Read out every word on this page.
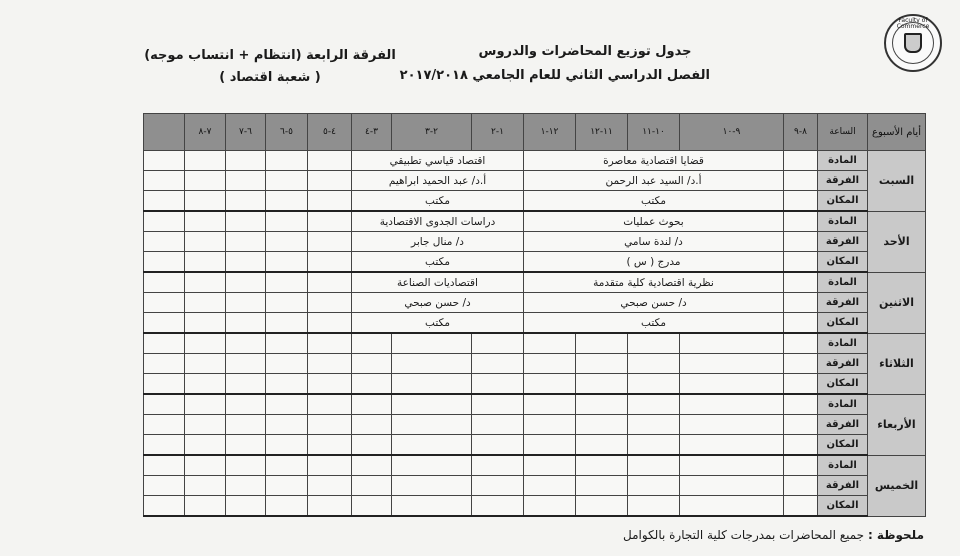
Faculty of Commerce
جدول توزيع المحاضرات والدروس
الفصل الدراسي الثاني للعام الجامعي ٢٠١٧/٢٠١٨
الفرقة الرابعة (انتظام + انتساب موجه)
( شعبة اقتصاد )
أيام الأسبوع	الساعة	٨-٩	٩-١٠	١٠-١١	١١-١٢	١٢-١	١-٢	٢-٣	٣-٤	٤-٥	٥-٦	٦-٧	٧-٨	
السبت	المادة		قضايا اقتصادية معاصرة				اقتصاد قياسي تطبيقي							
	الفرقة		أ.د/ السيد عبد الرحمن				أ.د/ عبد الحميد ابراهيم							
	المكان		مكتب				مكتب							
الأحد	المادة		بحوث عمليات				دراسات الجدوى الاقتصادية							
	الفرقة		د/ لندة سامي				د/ منال جابر							
	المكان		مدرج ( س )				مكتب							
الاثنين	المادة		نظرية اقتصادية كلية متقدمة				اقتصاديات الصناعة							
	الفرقة		د/ حسن صبحي				د/ حسن صبحي							
	المكان		مكتب				مكتب							
الثلاثاء	المادة													
	الفرقة													
	المكان													
الأربعاء	المادة													
	الفرقة													
	المكان													
الخميس	المادة													
	الفرقة													
	المكان													
ملحوظة : جميع المحاضرات بمدرجات كلية التجارة بالكوامل
